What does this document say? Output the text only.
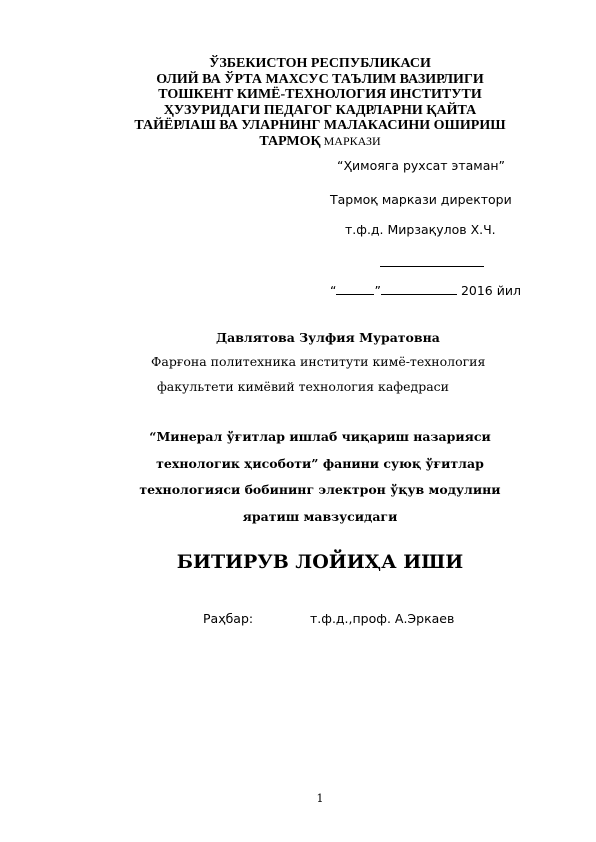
ЎЗБЕКИСТОН РЕСПУБЛИКАСИ
ОЛИЙ ВА ЎРТА МАХСУС ТАЪЛИМ ВАЗИРЛИГИ
ТОШКЕНТ КИМЁ-ТЕХНОЛОГИЯ ИНСТИТУТИ
ҲУЗУРИДАГИ ПЕДАГОГ КАДРЛАРНИ ҚАЙТА
ТАЙЁРЛАШ ВА УЛАРНИНГ МАЛАКАСИНИ ОШИРИШ
ТАРМОҚ МАРКАЗИ
“Ҳимояга рухсат этаман”
Тармоқ маркази директори
т.ф.д. Мирзақулов Х.Ч.
“	”	2016 йил
Давлятова Зулфия Муратовна
Фарғона политехника институти кимё-технология
факультети кимёвий технология кафедраси
“Минерал ўғитлар ишлаб чиқариш назарияси
технологик ҳисоботи” фанини суюқ ўғитлар
технологияси бобининг электрон ўқув модулини
яратиш мавзусидаги
БИТИРУВ ЛОЙИҲА ИШИ
Раҳбар:	т.ф.д.,проф. А.Эркаев
1
